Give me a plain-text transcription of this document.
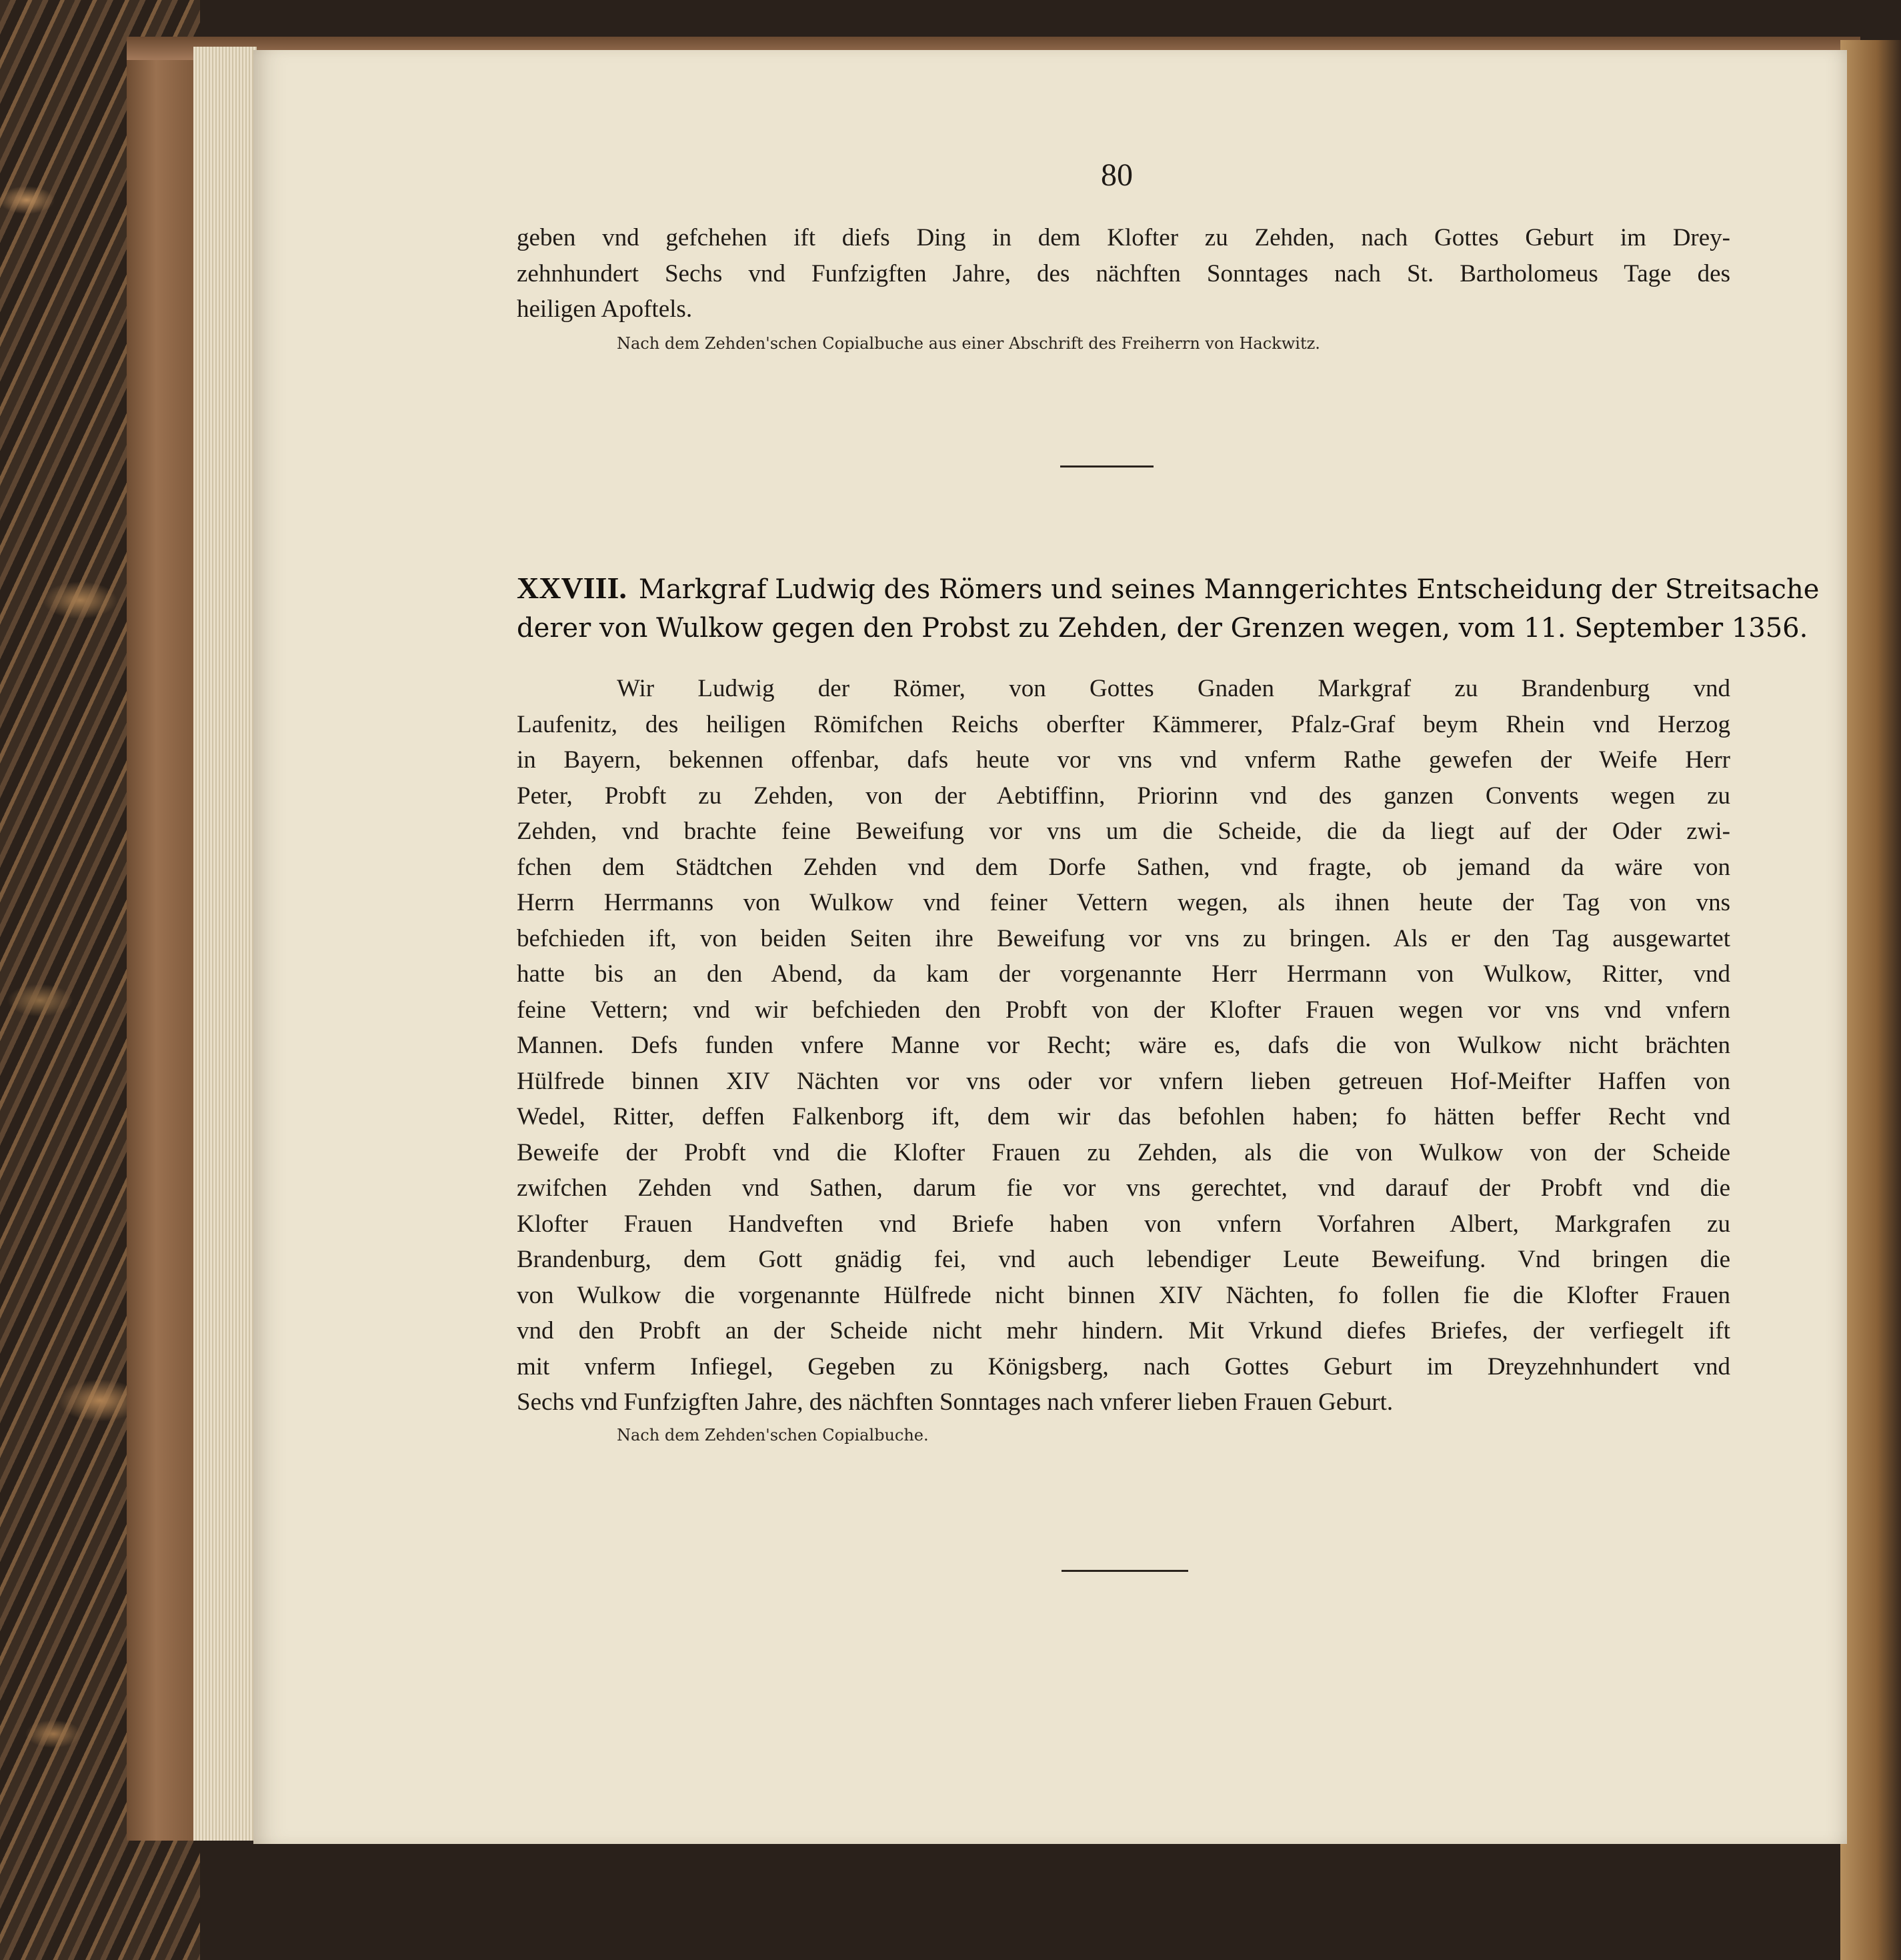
80
geben vnd gefchehen ift diefs Ding in dem Klofter zu Zehden, nach Gottes Geburt im Drey-
zehnhundert Sechs vnd Funfzigften Jahre, des nächften Sonntages nach St. Bartholomeus Tage des
heiligen Apoftels.
Nach dem Zehden'schen Copialbuche aus einer Abschrift des Freiherrn von Hackwitz.
XXVIII. Markgraf Ludwig des Römers und seines Manngerichtes Entscheidung der Streitsache
derer von Wulkow gegen den Probst zu Zehden, der Grenzen wegen, vom 11. September 1356.
Wir Ludwig der Römer, von Gottes Gnaden Markgraf zu Brandenburg vnd
Laufenitz, des heiligen Römifchen Reichs oberfter Kämmerer, Pfalz-Graf beym Rhein vnd Herzog
in Bayern, bekennen offenbar, dafs heute vor vns vnd vnferm Rathe gewefen der Weife Herr
Peter, Probft zu Zehden, von der Aebtiffinn, Priorinn vnd des ganzen Convents wegen zu
Zehden, vnd brachte feine Beweifung vor vns um die Scheide, die da liegt auf der Oder zwi-
fchen dem Städtchen Zehden vnd dem Dorfe Sathen, vnd fragte, ob jemand da wäre von
Herrn Herrmanns von Wulkow vnd feiner Vettern wegen, als ihnen heute der Tag von vns
befchieden ift, von beiden Seiten ihre Beweifung vor vns zu bringen. Als er den Tag ausgewartet
hatte bis an den Abend, da kam der vorgenannte Herr Herrmann von Wulkow, Ritter, vnd
feine Vettern; vnd wir befchieden den Probft von der Klofter Frauen wegen vor vns vnd vnfern
Mannen. Defs funden vnfere Manne vor Recht; wäre es, dafs die von Wulkow nicht brächten
Hülfrede binnen XIV Nächten vor vns oder vor vnfern lieben getreuen Hof-Meifter Haffen von
Wedel, Ritter, deffen Falkenborg ift, dem wir das befohlen haben; fo hätten beffer Recht vnd
Beweife der Probft vnd die Klofter Frauen zu Zehden, als die von Wulkow von der Scheide
zwifchen Zehden vnd Sathen, darum fie vor vns gerechtet, vnd darauf der Probft vnd die
Klofter Frauen Handveften vnd Briefe haben von vnfern Vorfahren Albert, Markgrafen zu
Brandenburg, dem Gott gnädig fei, vnd auch lebendiger Leute Beweifung. Vnd bringen die
von Wulkow die vorgenannte Hülfrede nicht binnen XIV Nächten, fo follen fie die Klofter Frauen
vnd den Probft an der Scheide nicht mehr hindern. Mit Vrkund diefes Briefes, der verfiegelt ift
mit vnferm Infiegel, Gegeben zu Königsberg, nach Gottes Geburt im Dreyzehnhundert vnd
Sechs vnd Funfzigften Jahre, des nächften Sonntages nach vnferer lieben Frauen Geburt.
Nach dem Zehden'schen Copialbuche.
